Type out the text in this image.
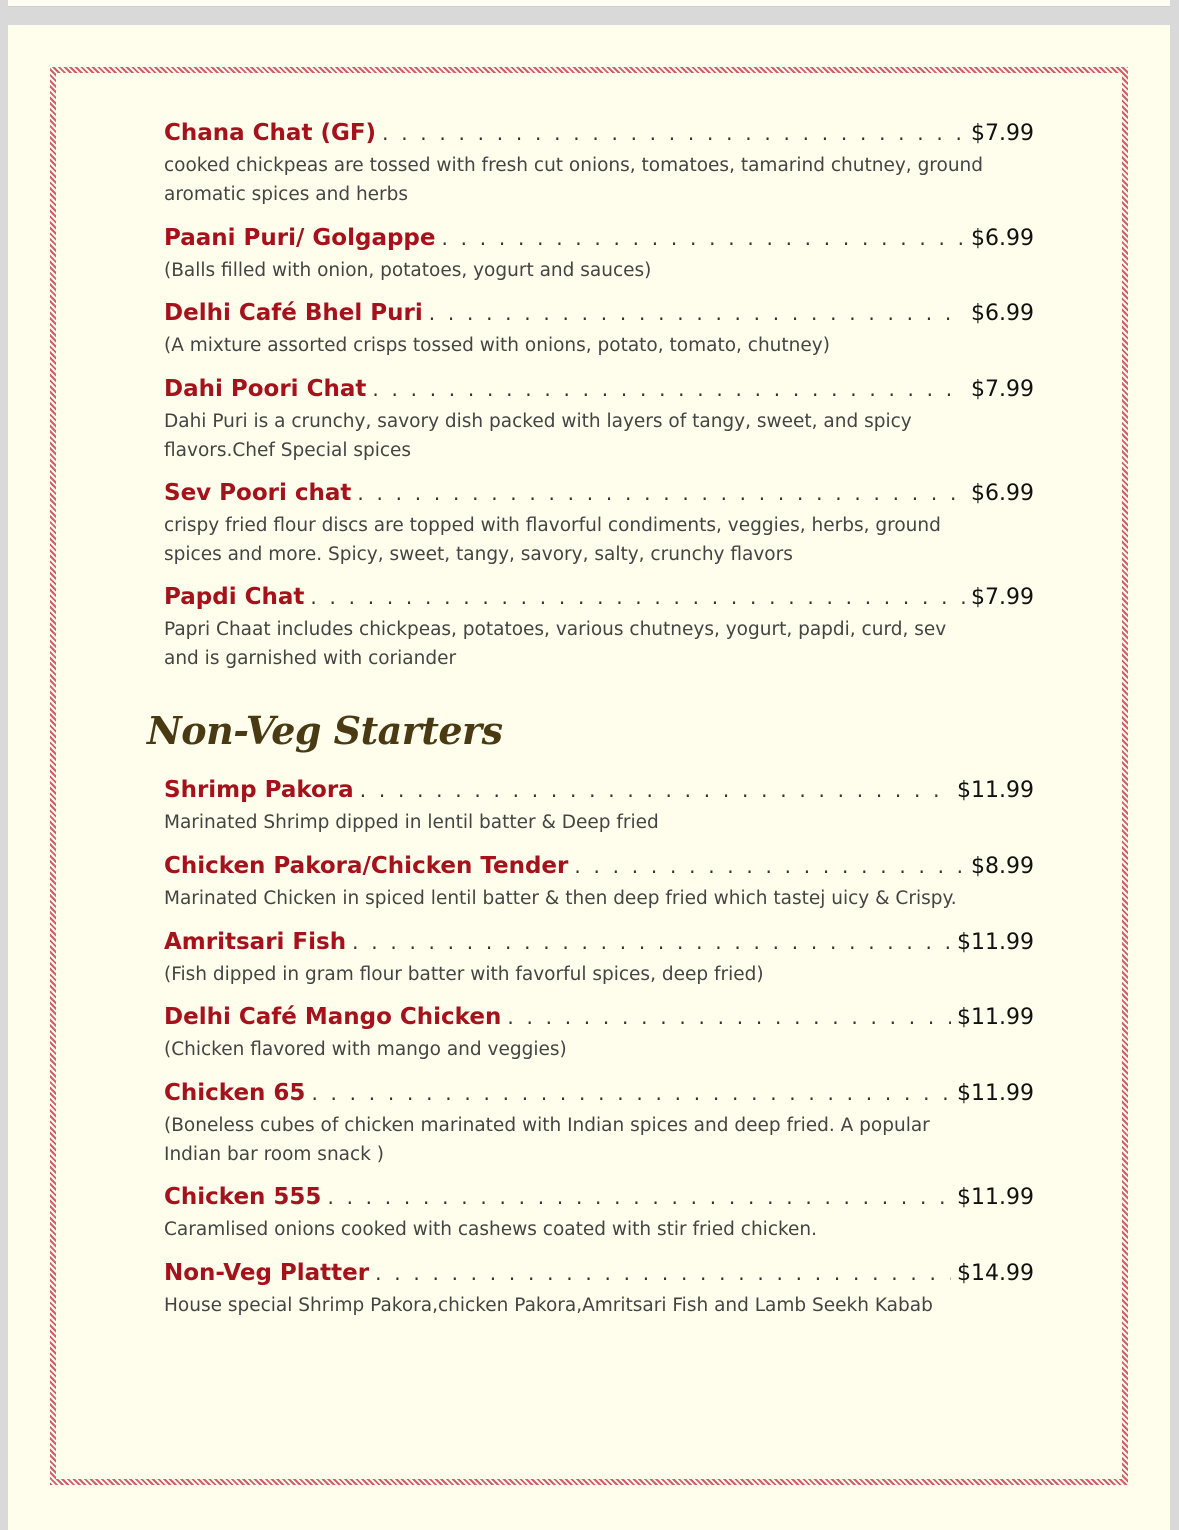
Chana Chat (GF) . . .	$7.99
cooked chickpeas are tossed with fresh cut onions, tomatoes, tamarind chutney, ground aromatic spices and herbs
Paani Puri/ Golgappe . . .	$6.99
(Balls filled with onion, potatoes, yogurt and sauces)
Delhi Café Bhel Puri . . .	$6.99
(A mixture assorted crisps tossed with onions, potato, tomato, chutney)
Dahi Poori Chat . . .	$7.99
Dahi Puri is a crunchy, savory dish packed with layers of tangy, sweet, and spicy flavors.Chef Special spices
Sev Poori chat . . .	$6.99
crispy fried flour discs are topped with flavorful condiments, veggies, herbs, ground spices and more. Spicy, sweet, tangy, savory, salty, crunchy flavors
Papdi Chat . . .	$7.99
Papri Chaat includes chickpeas, potatoes, various chutneys, yogurt, papdi, curd, sev and is garnished with coriander
Non-Veg Starters
Shrimp Pakora . . .	$11.99
Marinated Shrimp dipped in lentil batter & Deep fried
Chicken Pakora/Chicken Tender . . .	$8.99
Marinated Chicken in spiced lentil batter & then deep fried which tastej uicy & Crispy.
Amritsari Fish . . .	$11.99
(Fish dipped in gram flour batter with favorful spices, deep fried)
Delhi Café Mango Chicken . . .	$11.99
(Chicken flavored with mango and veggies)
Chicken 65 . . .	$11.99
(Boneless cubes of chicken marinated with Indian spices and deep fried. A popular Indian bar room snack )
Chicken 555 . . .	$11.99
Caramlised onions cooked with cashews coated with stir fried chicken.
Non-Veg Platter . . .	$14.99
House special Shrimp Pakora,chicken Pakora,Amritsari Fish and Lamb Seekh Kabab
